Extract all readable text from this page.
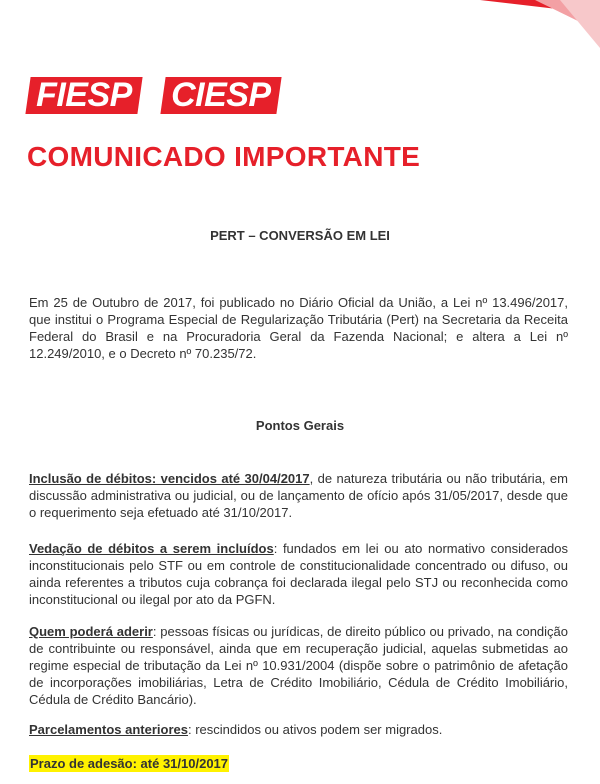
FIESP	CIESP
COMUNICADO IMPORTANTE
PERT – CONVERSÃO EM LEI

Em 25 de Outubro de 2017, foi publicado no Diário Oficial da União, a Lei nº 13.496/2017, que institui o Programa Especial de Regularização Tributária (Pert) na Secretaria da Receita Federal do Brasil e na Procuradoria Geral da Fazenda Nacional; e altera a Lei nº 12.249/2010, e o Decreto nº 70.235/72.

Pontos Gerais

Inclusão de débitos: vencidos até 30/04/2017, de natureza tributária ou não tributária, em discussão administrativa ou judicial, ou de lançamento de ofício após 31/05/2017, desde que o requerimento seja efetuado até 31/10/2017.

Vedação de débitos a serem incluídos: fundados em lei ou ato normativo considerados inconstitucionais pelo STF ou em controle de constitucionalidade concentrado ou difuso, ou ainda referentes a tributos cuja cobrança foi declarada ilegal pelo STJ ou reconhecida como inconstitucional ou ilegal por ato da PGFN.

Quem poderá aderir: pessoas físicas ou jurídicas, de direito público ou privado, na condição de contribuinte ou responsável, ainda que em recuperação judicial, aquelas submetidas ao regime especial de tributação da Lei nº 10.931/2004 (dispõe sobre o patrimônio de afetação de incorporações imobiliárias, Letra de Crédito Imobiliário, Cédula de Crédito Imobiliário, Cédula de Crédito Bancário).

Parcelamentos anteriores: rescindidos ou ativos podem ser migrados.

Prazo de adesão: até 31/10/2017
